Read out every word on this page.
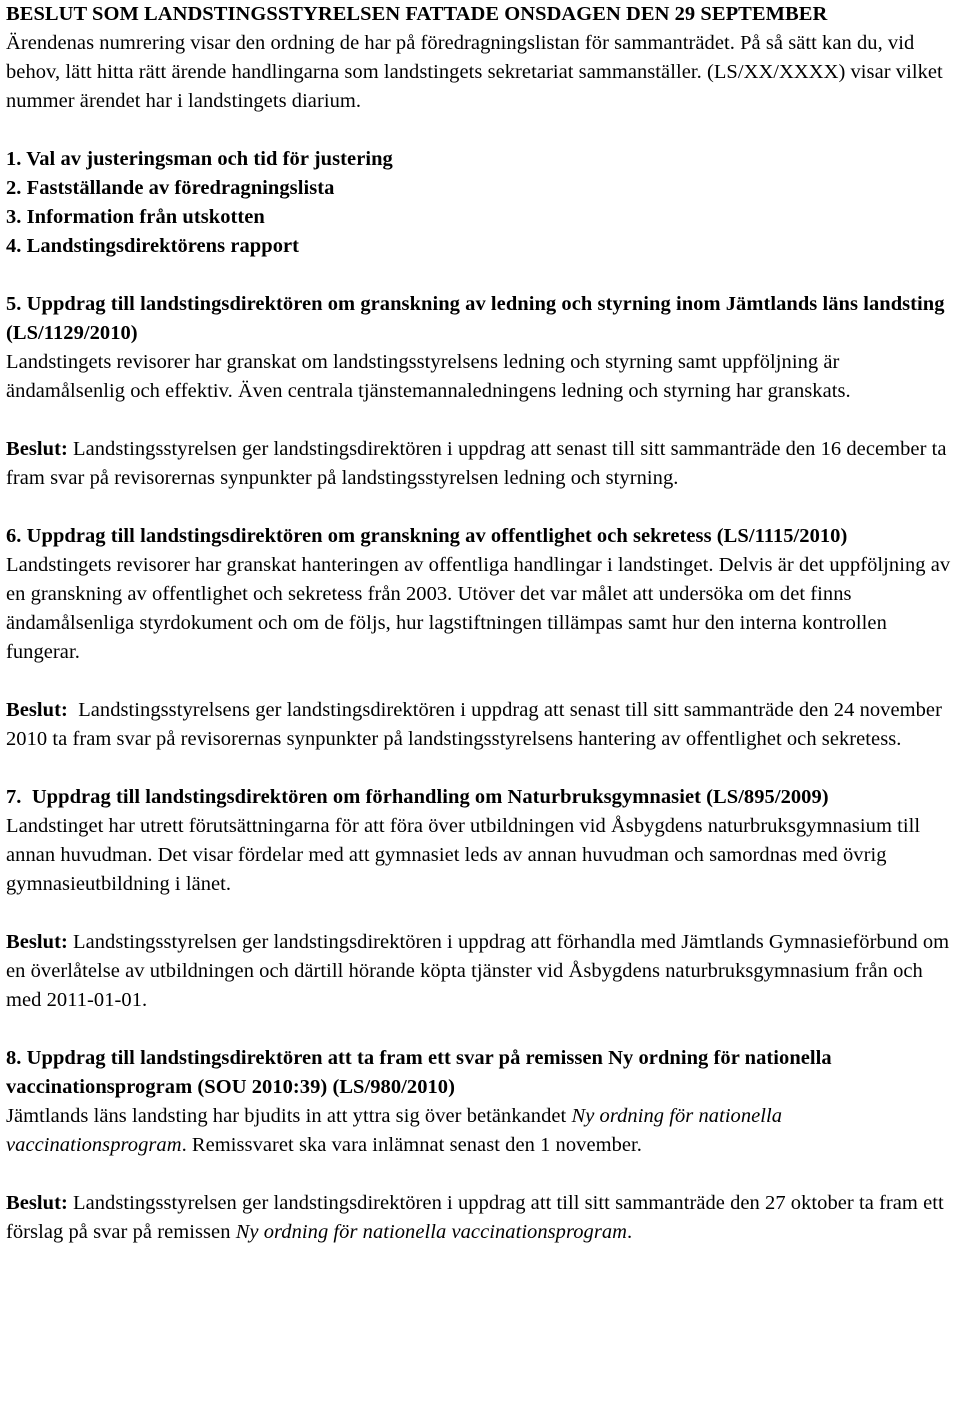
BESLUT SOM LANDSTINGSSTYRELSEN FATTADE ONSDAGEN DEN 29 SEPTEMBER

Ärendenas numrering visar den ordning de har på föredragningslistan för sammanträdet. På så sätt kan du, vid behov, lätt hitta rätt ärende handlingarna som landstingets sekretariat sammanställer. (LS/XX/XXXX) visar vilket nummer ärendet har i landstingets diarium.

1. Val av justeringsman och tid för justering
2. Fastställande av föredragningslista
3. Information från utskotten
4. Landstingsdirektörens rapport

5. Uppdrag till landstingsdirektören om granskning av ledning och styrning inom Jämtlands läns landsting (LS/1129/2010)

Landstingets revisorer har granskat om landstingsstyrelsens ledning och styrning samt uppföljning är ändamålsenlig och effektiv. Även centrala tjänstemannaledningens ledning och styrning har granskats.

Beslut: Landstingsstyrelsen ger landstingsdirektören i uppdrag att senast till sitt sammanträde den 16 december ta fram svar på revisorernas synpunkter på landstingsstyrelsen ledning och styrning.

6. Uppdrag till landstingsdirektören om granskning av offentlighet och sekretess (LS/1115/2010)

Landstingets revisorer har granskat hanteringen av offentliga handlingar i landstinget. Delvis är det uppföljning av en granskning av offentlighet och sekretess från 2003. Utöver det var målet att undersöka om det finns ändamålsenliga styrdokument och om de följs, hur lagstiftningen tillämpas samt hur den interna kontrollen fungerar.

Beslut:  Landstingsstyrelsens ger landstingsdirektören i uppdrag att senast till sitt sammanträde den 24 november 2010 ta fram svar på revisorernas synpunkter på landstingsstyrelsens hantering av offentlighet och sekretess.

7.  Uppdrag till landstingsdirektören om förhandling om Naturbruksgymnasiet (LS/895/2009)

Landstinget har utrett förutsättningarna för att föra över utbildningen vid Åsbygdens naturbruksgymnasium till annan huvudman. Det visar fördelar med att gymnasiet leds av annan huvudman och samordnas med övrig gymnasieutbildning i länet.

Beslut: Landstingsstyrelsen ger landstingsdirektören i uppdrag att förhandla med Jämtlands Gymnasieförbund om en överlåtelse av utbildningen och därtill hörande köpta tjänster vid Åsbygdens naturbruksgymnasium från och med 2011-01-01.

8. Uppdrag till landstingsdirektören att ta fram ett svar på remissen Ny ordning för nationella vaccinationsprogram (SOU 2010:39) (LS/980/2010)

Jämtlands läns landsting har bjudits in att yttra sig över betänkandet Ny ordning för nationella vaccinationsprogram. Remissvaret ska vara inlämnat senast den 1 november.

Beslut: Landstingsstyrelsen ger landstingsdirektören i uppdrag att till sitt sammanträde den 27 oktober ta fram ett förslag på svar på remissen Ny ordning för nationella vaccinationsprogram.
